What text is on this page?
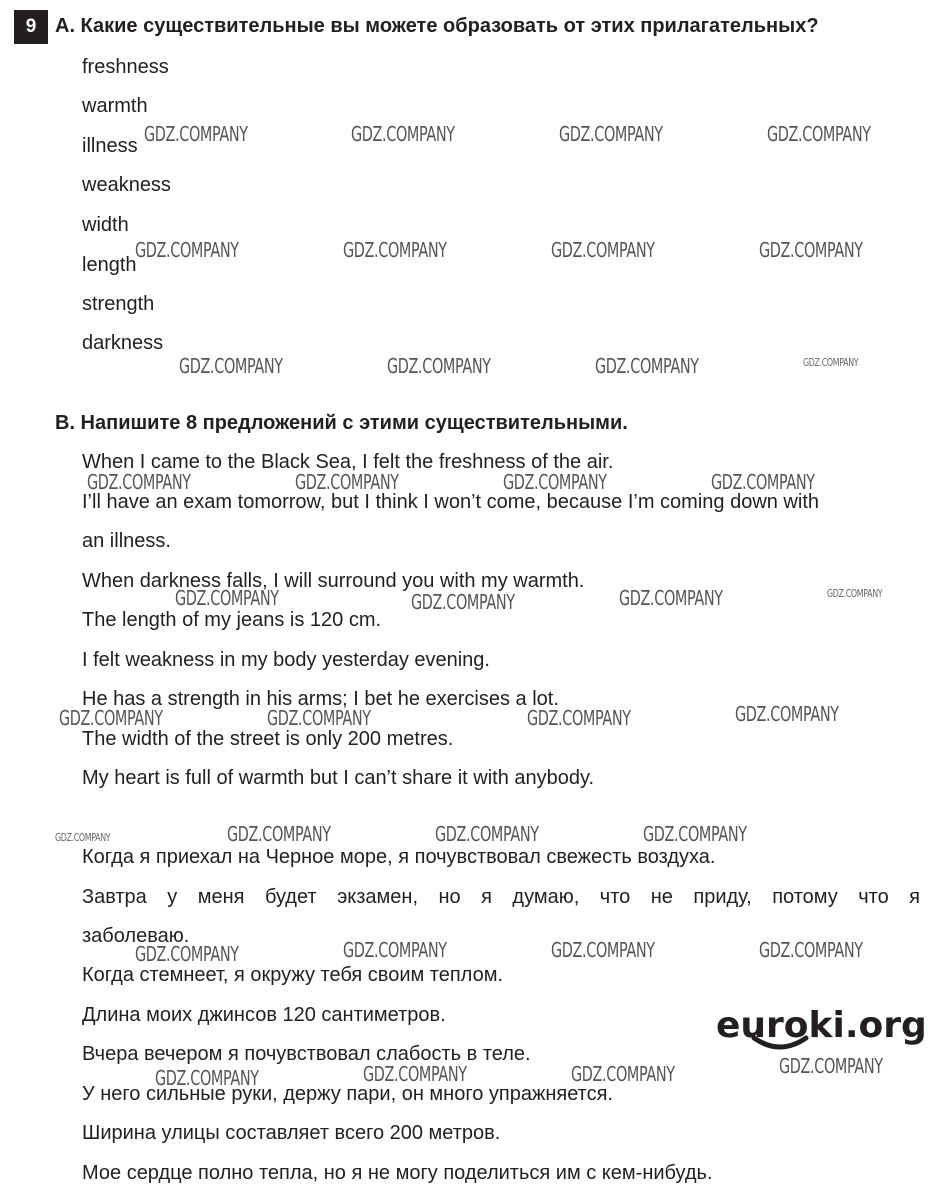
9 A. Какие существительные вы можете образовать от этих прилагательных?
freshness
warmth
illness
weakness
width
length
strength
darkness
B. Напишите 8 предложений с этими существительными.
When I came to the Black Sea, I felt the freshness of the air.
I’ll have an exam tomorrow, but I think I won’t come, because I’m coming down with
an illness.
When darkness falls, I will surround you with my warmth.
The length of my jeans is 120 cm.
I felt weakness in my body yesterday evening.
He has a strength in his arms; I bet he exercises a lot.
The width of the street is only 200 metres.
My heart is full of warmth but I can’t share it with anybody.
Когда я приехал на Черное море, я почувствовал свежесть воздуха.
Завтра у меня будет экзамен, но я думаю, что не приду, потому что я
заболеваю.
Когда стемнеет, я окружу тебя своим теплом.
Длина моих джинсов 120 сантиметров.
Вчера вечером я почувствовал слабость в теле.
У него сильные руки, держу пари, он много упражняется.
Ширина улицы составляет всего 200 метров.
Мое сердце полно тепла, но я не могу поделиться им с кем-нибудь.
euroki.org
GDZ.COMPANY	GDZ.COMPANY	GDZ.COMPANY	GDZ.COMPANY
GDZ.COMPANY	GDZ.COMPANY	GDZ.COMPANY	GDZ.COMPANY
GDZ.COMPANY	GDZ.COMPANY	GDZ.COMPANY	GDZ.COMPANY
GDZ.COMPANY	GDZ.COMPANY	GDZ.COMPANY	GDZ.COMPANY
GDZ.COMPANY	GDZ.COMPANY	GDZ.COMPANY	GDZ.COMPANY
GDZ.COMPANY	GDZ.COMPANY	GDZ.COMPANY	GDZ.COMPANY
GDZ.COMPANY	GDZ.COMPANY	GDZ.COMPANY	GDZ.COMPANY
GDZ.COMPANY	GDZ.COMPANY	GDZ.COMPANY	GDZ.COMPANY
GDZ.COMPANY
GDZ.COMPANY	GDZ.COMPANY	GDZ.COMPANY
